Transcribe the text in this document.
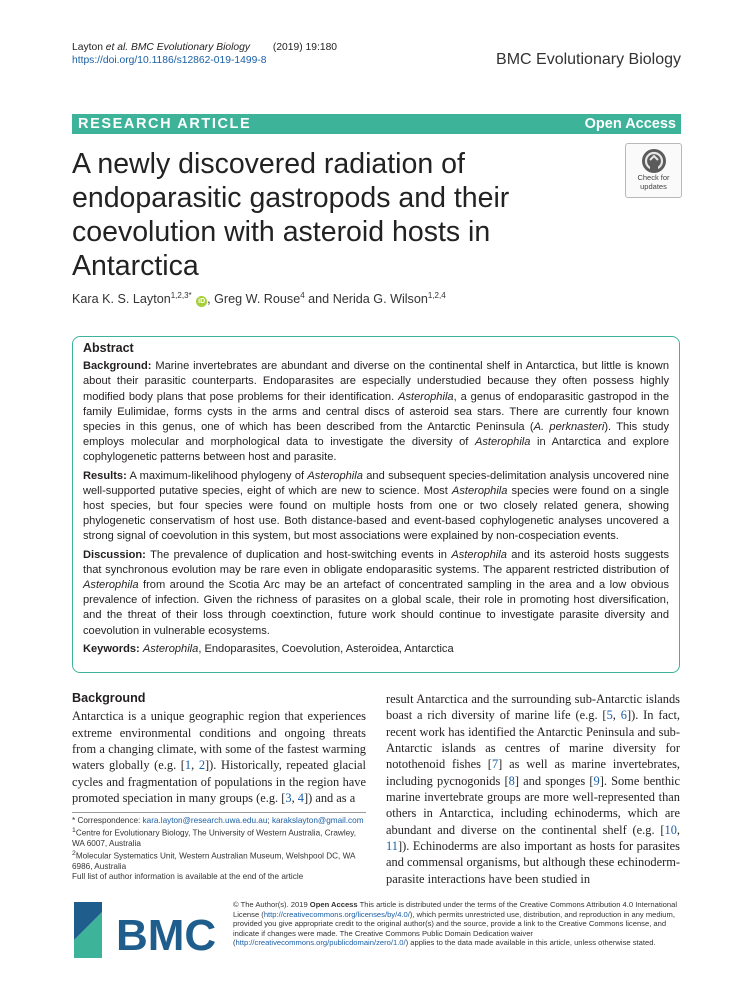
Layton et al. BMC Evolutionary Biology (2019) 19:180
https://doi.org/10.1186/s12862-019-1499-8	BMC Evolutionary Biology
RESEARCH ARTICLE	Open Access
A newly discovered radiation of endoparasitic gastropods and their coevolution with asteroid hosts in Antarctica
Check for
updates
Kara K. S. Layton$^{1,2,3*}$ iD , Greg W. Rouse$^4$ and Nerida G. Wilson$^{1,2,4}$
Abstract

Background: Marine invertebrates are abundant and diverse on the continental shelf in Antarctica, but little is known about their parasitic counterparts. Endoparasites are especially understudied because they often possess highly modified body plans that pose problems for their identification. Asterophila, a genus of endoparasitic gastropod in the family Eulimidae, forms cysts in the arms and central discs of asteroid sea stars. There are currently four known species in this genus, one of which has been described from the Antarctic Peninsula (A. perknasteri). This study employs molecular and morphological data to investigate the diversity of Asterophila in Antarctica and explore cophylogenetic patterns between host and parasite.

Results: A maximum-likelihood phylogeny of Asterophila and subsequent species-delimitation analysis uncovered nine well-supported putative species, eight of which are new to science. Most Asterophila species were found on a single host species, but four species were found on multiple hosts from one or two closely related genera, showing phylogenetic conservatism of host use. Both distance-based and event-based cophylogenetic analyses uncovered a strong signal of coevolution in this system, but most associations were explained by non-cospeciation events.

Discussion: The prevalence of duplication and host-switching events in Asterophila and its asteroid hosts suggests that synchronous evolution may be rare even in obligate endoparasitic systems. The apparent restricted distribution of Asterophila from around the Scotia Arc may be an artefact of concentrated sampling in the area and a low obvious prevalence of infection. Given the richness of parasites on a global scale, their role in promoting host diversification, and the threat of their loss through coextinction, future work should continue to investigate parasite diversity and coevolution in vulnerable ecosystems.

Keywords: Asterophila, Endoparasites, Coevolution, Asteroidea, Antarctica

Background

Antarctica is a unique geographic region that experiences extreme environmental conditions and ongoing threats from a changing climate, with some of the fastest warming waters globally (e.g. [1, 2]). Historically, repeated glacial cycles and fragmentation of populations in the region have promoted speciation in many groups (e.g. [3, 4]) and as a

result Antarctica and the surrounding sub-Antarctic islands boast a rich diversity of marine life (e.g. [5, 6]). In fact, recent work has identified the Antarctic Peninsula and sub-Antarctic islands as centres of marine diversity for notothenoid fishes [7] as well as marine invertebrates, including pycnogonids [8] and sponges [9]. Some benthic marine invertebrate groups are more well-represented than others in Antarctica, including echinoderms, which are abundant and diverse on the continental shelf (e.g. [10, 11]). Echinoderms are also important as hosts for parasites and commensal organisms, but although these echinoderm-parasite interactions have been studied in

* Correspondence: kara.layton@research.uwa.edu.au; karakslayton@gmail.com

$^1$Centre for Evolutionary Biology, The University of Western Australia, Crawley, WA 6007, Australia

$^2$Molecular Systematics Unit, Western Australian Museum, Welshpool DC, WA 6986, Australia

Full list of author information is available at the end of the article

BMC
© The Author(s). 2019 Open Access This article is distributed under the terms of the Creative Commons Attribution 4.0 International License (http://creativecommons.org/licenses/by/4.0/), which permits unrestricted use, distribution, and reproduction in any medium, provided you give appropriate credit to the original author(s) and the source, provide a link to the Creative Commons license, and indicate if changes were made. The Creative Commons Public Domain Dedication waiver (http://creativecommons.org/publicdomain/zero/1.0/) applies to the data made available in this article, unless otherwise stated.
